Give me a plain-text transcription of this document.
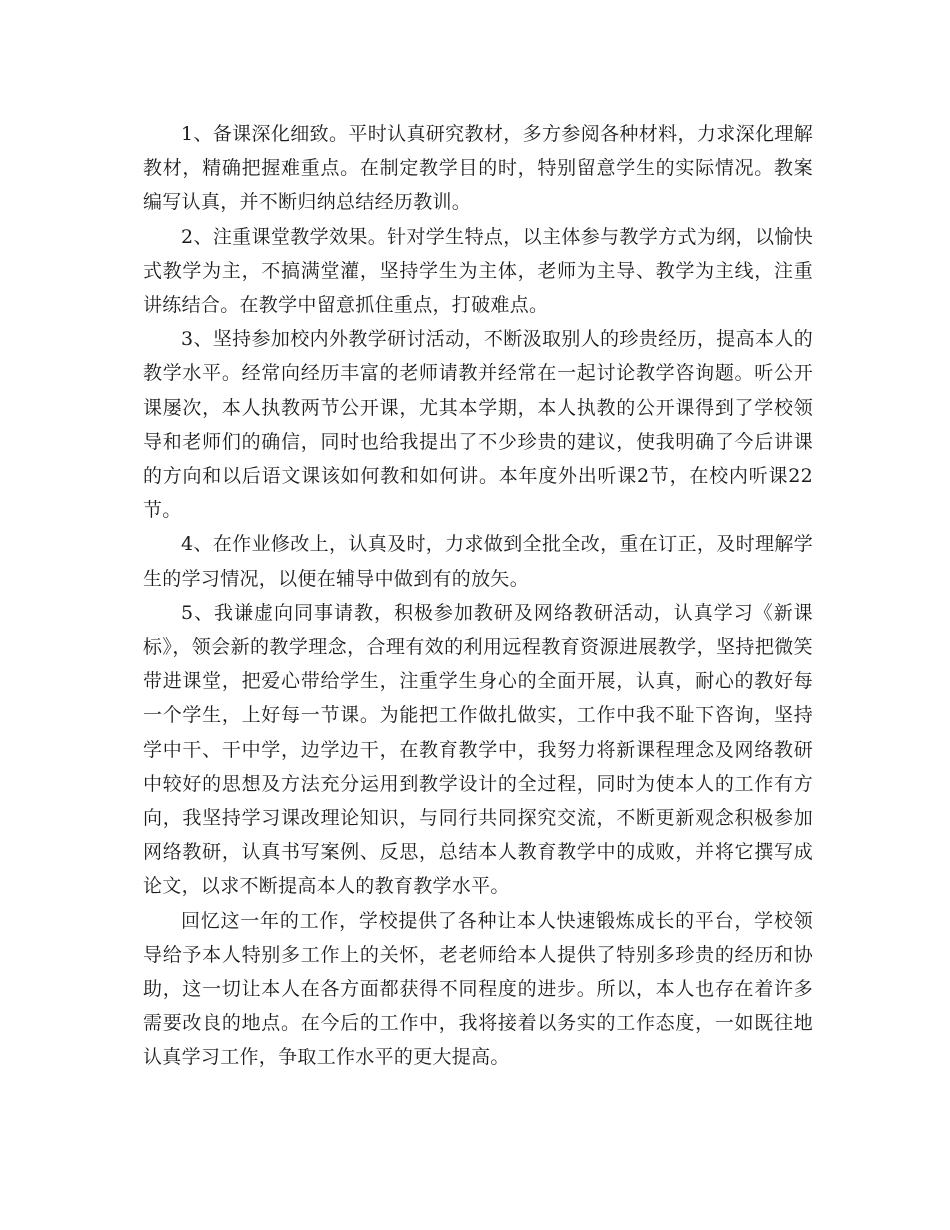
1、备课深化细致。平时认真研究教材，多方参阅各种材料，力求深化理解教材，精确把握难重点。在制定教学目的时，特别留意学生的实际情况。教案编写认真，并不断归纳总结经历教训。

2、注重课堂教学效果。针对学生特点，以主体参与教学方式为纲，以愉快式教学为主，不搞满堂灌，坚持学生为主体，老师为主导、教学为主线，注重讲练结合。在教学中留意抓住重点，打破难点。

3、坚持参加校内外教学研讨活动，不断汲取别人的珍贵经历，提高本人的教学水平。经常向经历丰富的老师请教并经常在一起讨论教学咨询题。听公开课屡次，本人执教两节公开课，尤其本学期，本人执教的公开课得到了学校领导和老师们的确信，同时也给我提出了不少珍贵的建议，使我明确了今后讲课的方向和以后语文课该如何教和如何讲。本年度外出听课2节，在校内听课22节。

4、在作业修改上，认真及时，力求做到全批全改，重在订正，及时理解学生的学习情况，以便在辅导中做到有的放矢。

5、我谦虚向同事请教，积极参加教研及网络教研活动，认真学习《新课标》，领会新的教学理念，合理有效的利用远程教育资源进展教学，坚持把微笑带进课堂，把爱心带给学生，注重学生身心的全面开展，认真，耐心的教好每一个学生，上好每一节课。为能把工作做扎做实，工作中我不耻下咨询，坚持学中干、干中学，边学边干，在教育教学中，我努力将新课程理念及网络教研中较好的思想及方法充分运用到教学设计的全过程，同时为使本人的工作有方向，我坚持学习课改理论知识，与同行共同探究交流，不断更新观念积极参加网络教研，认真书写案例、反思，总结本人教育教学中的成败，并将它撰写成论文，以求不断提高本人的教育教学水平。

回忆这一年的工作，学校提供了各种让本人快速锻炼成长的平台，学校领导给予本人特别多工作上的关怀，老老师给本人提供了特别多珍贵的经历和协助，这一切让本人在各方面都获得不同程度的进步。所以，本人也存在着许多需要改良的地点。在今后的工作中，我将接着以务实的工作态度，一如既往地认真学习工作，争取工作水平的更大提高。
